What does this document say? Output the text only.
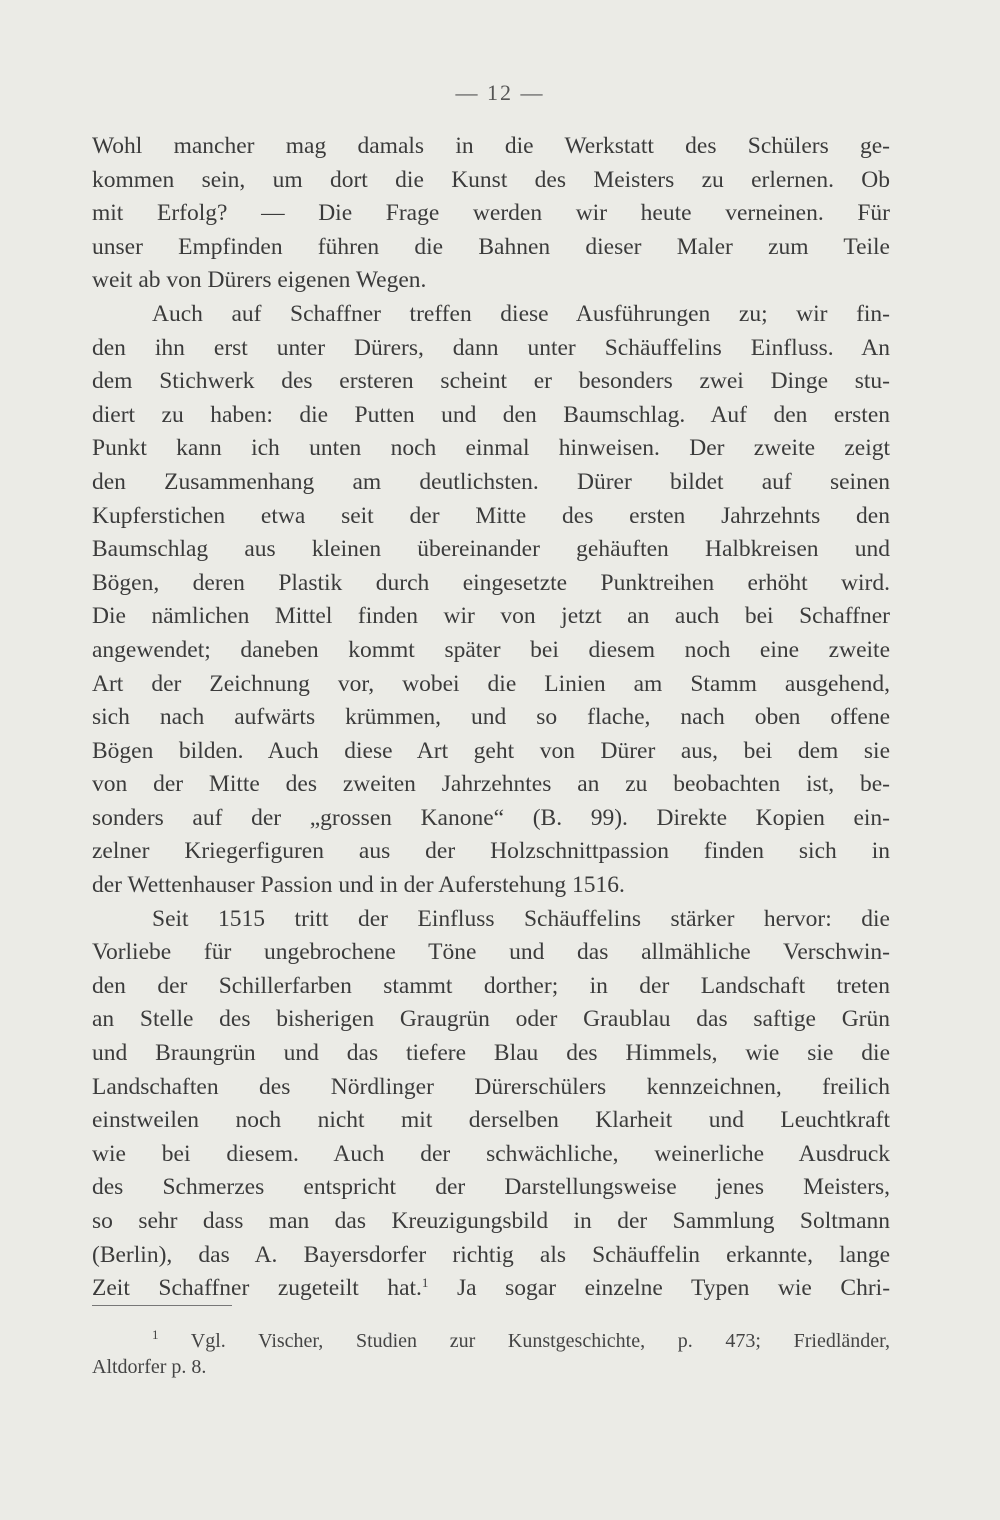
— 12 —
Wohl mancher mag damals in die Werkstatt des Schülers ge-
kommen sein, um dort die Kunst des Meisters zu erlernen. Ob
mit Erfolg? — Die Frage werden wir heute verneinen. Für
unser Empfinden führen die Bahnen dieser Maler zum Teile
weit ab von Dürers eigenen Wegen.
Auch auf Schaffner treffen diese Ausführungen zu; wir fin-
den ihn erst unter Dürers, dann unter Schäuffelins Einfluss. An
dem Stichwerk des ersteren scheint er besonders zwei Dinge stu-
diert zu haben: die Putten und den Baumschlag. Auf den ersten
Punkt kann ich unten noch einmal hinweisen. Der zweite zeigt
den Zusammenhang am deutlichsten. Dürer bildet auf seinen
Kupferstichen etwa seit der Mitte des ersten Jahrzehnts den
Baumschlag aus kleinen übereinander gehäuften Halbkreisen und
Bögen, deren Plastik durch eingesetzte Punktreihen erhöht wird.
Die nämlichen Mittel finden wir von jetzt an auch bei Schaffner
angewendet; daneben kommt später bei diesem noch eine zweite
Art der Zeichnung vor, wobei die Linien am Stamm ausgehend,
sich nach aufwärts krümmen, und so flache, nach oben offene
Bögen bilden. Auch diese Art geht von Dürer aus, bei dem sie
von der Mitte des zweiten Jahrzehntes an zu beobachten ist, be-
sonders auf der „grossen Kanone“ (B. 99). Direkte Kopien ein-
zelner Kriegerfiguren aus der Holzschnittpassion finden sich in
der Wettenhauser Passion und in der Auferstehung 1516.
Seit 1515 tritt der Einfluss Schäuffelins stärker hervor: die
Vorliebe für ungebrochene Töne und das allmähliche Verschwin-
den der Schillerfarben stammt dorther; in der Landschaft treten
an Stelle des bisherigen Graugrün oder Graublau das saftige Grün
und Braungrün und das tiefere Blau des Himmels, wie sie die
Landschaften des Nördlinger Dürerschülers kennzeichnen, freilich
einstweilen noch nicht mit derselben Klarheit und Leuchtkraft
wie bei diesem. Auch der schwächliche, weinerliche Ausdruck
des Schmerzes entspricht der Darstellungsweise jenes Meisters,
so sehr dass man das Kreuzigungsbild in der Sammlung Soltmann
(Berlin), das A. Bayersdorfer richtig als Schäuffelin erkannte, lange
Zeit Schaffner zugeteilt hat.$^1$ Ja sogar einzelne Typen wie Chri-
$^1$ Vgl. Vischer, Studien zur Kunstgeschichte, p. 473; Friedländer,
Altdorfer p. 8.
